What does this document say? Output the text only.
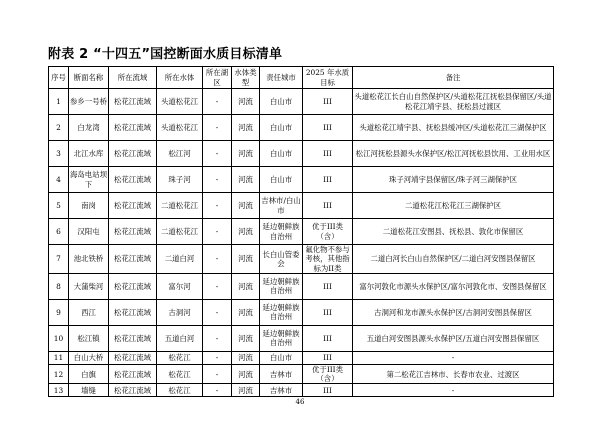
附表 2 “十四五”国控断面水质目标清单
序号	断面名称	所在流域	所在水体	所在湖区	水体类型	责任城市	2025 年水质目标	备注
1	参乡一号桥	松花江流域	头道松花江	-	河流	白山市	III	头道松花江长白山自然保护区/头道松花江抚松县保留区/头道松花江靖宇县、抚松县过渡区
2	白龙湾	松花江流域	头道松花江	-	河流	白山市	III	头道松花江靖宇县、抚松县缓冲区/头道松花江三湖保护区
3	北江水库	松花江流域	松江河	-	河流	白山市	III	松江河抚松县源头水保护区/松江河抚松县饮用、工业用水区
4	海岛电站坝下	松花江流域	珠子河	-	河流	白山市	III	珠子河靖宇县保留区/珠子河三湖保护区
5	南岗	松花江流域	二道松花江	-	河流	吉林市/白山市	III	二道松花江松花江三湖保护区
6	汉阳屯	松花江流域	二道松花江	-	河流	延边朝鲜族自治州	优于III类（含）	二道松花江安图县、抚松县、敦化市保留区
7	池北铁桥	松花江流域	二道白河	-	河流	长白山管委会	氟化物不参与考核，其他指标为II类	二道白河长白山自然保护区/二道白河安图县保留区
8	大蒲柴河	松花江流域	富尔河	-	河流	延边朝鲜族自治州	III	富尔河敦化市源头水保护区/富尔河敦化市、安图县保留区
9	西江	松花江流域	古洞河	-	河流	延边朝鲜族自治州	III	古洞河和龙市源头水保护区/古洞河安图县保留区
10	松江镇	松花江流域	五道白河	-	河流	延边朝鲜族自治州	III	五道白河安图县源头水保护区/五道白河安图县保留区
11	白山大桥	松花江流域	松花江	-	河流	白山市	III	-
12	白旗	松花江流域	松花江	-	河流	吉林市	优于III类（含）	第二松花江吉林市、长春市农业、过渡区
13	墙缝	松花江流域	松花江	-	河流	吉林市	III	-
46
